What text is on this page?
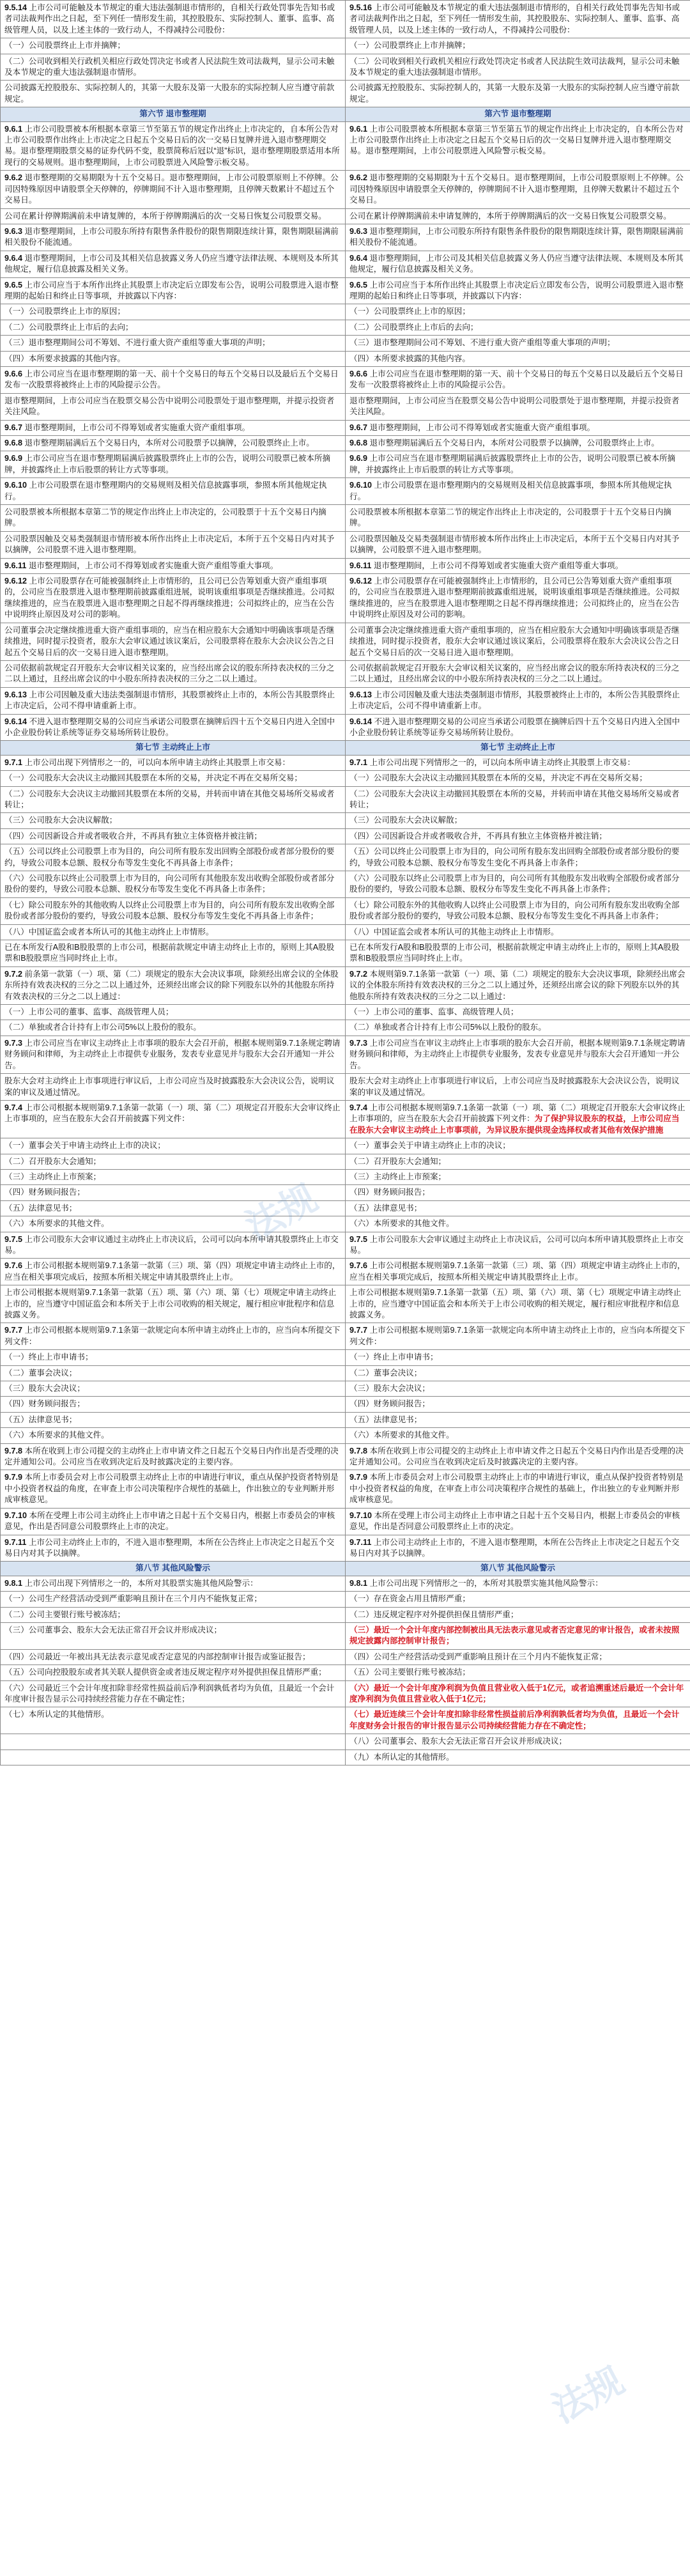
9.5.14 上市公司可能触及本节规定的重大违法强制退市情形的，自相关行政处罚事先告知书或者司法裁判作出之日起，至下列任一情形发生前，其控股股东、实际控制人、董事、监事、高级管理人员，以及上述主体的一致行动人，不得减持公司股份：	9.5.16 上市公司可能触及本节规定的重大违法强制退市情形的，自相关行政处罚事先告知书或者司法裁判作出之日起，至下列任一情形发生前，其控股股东、实际控制人、董事、监事、高级管理人员，以及上述主体的一致行动人，不得减持公司股份：
（一）公司股票终止上市并摘牌；	（一）公司股票终止上市并摘牌；
（二）公司收到相关行政机关相应行政处罚决定书或者人民法院生效司法裁判，显示公司未触及本节规定的重大违法强制退市情形。	（二）公司收到相关行政机关相应行政处罚决定书或者人民法院生效司法裁判，显示公司未触及本节规定的重大违法强制退市情形。
公司披露无控股股东、实际控制人的，其第一大股东及第一大股东的实际控制人应当遵守前款规定。	公司披露无控股股东、实际控制人的，其第一大股东及第一大股东的实际控制人应当遵守前款规定。
第六节 退市整理期	第六节 退市整理期
9.6.1 上市公司股票被本所根据本章第三节至第五节的规定作出终止上市决定的，自本所公告对上市公司股票作出终止上市决定之日起五个交易日后的次一交易日复牌并进入退市整理期交易。退市整理期股票交易的证券代码不变，股票简称后冠以“退”标识，退市整理期股票适用本所现行的交易规则。退市整理期间，上市公司股票进入风险警示板交易。	9.6.1 上市公司股票被本所根据本章第三节至第五节的规定作出终止上市决定的，自本所公告对上市公司股票作出终止上市决定之日起五个交易日后的次一交易日复牌并进入退市整理期交易。退市整理期间，上市公司股票进入风险警示板交易。
9.6.2 退市整理期的交易期限为十五个交易日。退市整理期间，上市公司股票原则上不停牌。公司因特殊原因申请股票全天停牌的，停牌期间不计入退市整理期，且停牌天数累计不超过五个交易日。	9.6.2 退市整理期的交易期限为十五个交易日。退市整理期间，上市公司股票原则上不停牌。公司因特殊原因申请股票全天停牌的，停牌期间不计入退市整理期，且停牌天数累计不超过五个交易日。
公司在累计停牌期满前未申请复牌的，本所于停牌期满后的次一交易日恢复公司股票交易。	公司在累计停牌期满前未申请复牌的，本所于停牌期满后的次一交易日恢复公司股票交易。
9.6.3 退市整理期间，上市公司股东所持有限售条件股份的限售期限连续计算，限售期限届满前相关股份不能流通。	9.6.3 退市整理期间，上市公司股东所持有限售条件股份的限售期限连续计算，限售期限届满前相关股份不能流通。
9.6.4 退市整理期间，上市公司及其相关信息披露义务人仍应当遵守法律法规、本规则及本所其他规定，履行信息披露及相关义务。	9.6.4 退市整理期间，上市公司及其相关信息披露义务人仍应当遵守法律法规、本规则及本所其他规定，履行信息披露及相关义务。
9.6.5 上市公司应当于本所作出终止其股票上市决定后立即发布公告，说明公司股票进入退市整理期的起始日和终止日等事项，并披露以下内容：	9.6.5 上市公司应当于本所作出终止其股票上市决定后立即发布公告，说明公司股票进入退市整理期的起始日和终止日等事项，并披露以下内容：
（一）公司股票终止上市的原因；	（一）公司股票终止上市的原因；
（二）公司股票终止上市后的去向；	（二）公司股票终止上市后的去向；
（三）退市整理期间公司不筹划、不进行重大资产重组等重大事项的声明；	（三）退市整理期间公司不筹划、不进行重大资产重组等重大事项的声明；
（四）本所要求披露的其他内容。	（四）本所要求披露的其他内容。
9.6.6 上市公司应当在退市整理期的第一天、前十个交易日的每五个交易日以及最后五个交易日发布一次股票将被终止上市的风险提示公告。	9.6.6 上市公司应当在退市整理期的第一天、前十个交易日的每五个交易日以及最后五个交易日发布一次股票将被终止上市的风险提示公告。
退市整理期间，上市公司应当在股票交易公告中说明公司股票处于退市整理期，并提示投资者关注风险。	退市整理期间，上市公司应当在股票交易公告中说明公司股票处于退市整理期，并提示投资者关注风险。
9.6.7 退市整理期间，上市公司不得筹划或者实施重大资产重组事项。	9.6.7 退市整理期间，上市公司不得筹划或者实施重大资产重组事项。
9.6.8 退市整理期届满后五个交易日内，本所对公司股票予以摘牌，公司股票终止上市。	9.6.8 退市整理期届满后五个交易日内，本所对公司股票予以摘牌，公司股票终止上市。
9.6.9 上市公司应当在退市整理期届满后披露股票终止上市的公告，说明公司股票已被本所摘牌，并披露终止上市后股票的转让方式等事项。	9.6.9 上市公司应当在退市整理期届满后披露股票终止上市的公告，说明公司股票已被本所摘牌，并披露终止上市后股票的转让方式等事项。
9.6.10 上市公司股票在退市整理期内的交易规则及相关信息披露事项，参照本所其他规定执行。	9.6.10 上市公司股票在退市整理期内的交易规则及相关信息披露事项，参照本所其他规定执行。
公司股票被本所根据本章第二节的规定作出终止上市决定的，公司股票于十五个交易日内摘牌。	公司股票被本所根据本章第二节的规定作出终止上市决定的，公司股票于十五个交易日内摘牌。
公司股票因触及交易类强制退市情形被本所作出终止上市决定后，本所于五个交易日内对其予以摘牌，公司股票不进入退市整理期。	公司股票因触及交易类强制退市情形被本所作出终止上市决定后，本所于五个交易日内对其予以摘牌，公司股票不进入退市整理期。
9.6.11 退市整理期间，上市公司不得筹划或者实施重大资产重组等重大事项。	9.6.11 退市整理期间，上市公司不得筹划或者实施重大资产重组等重大事项。
9.6.12 上市公司股票存在可能被强制终止上市情形的，且公司已公告筹划重大资产重组事项的，公司应当在股票进入退市整理期前披露重组进展，说明该重组事项是否继续推进。公司拟继续推进的，应当在股票进入退市整理期之日起不得再继续推进；公司拟终止的，应当在公告中说明终止原因及对公司的影响。	9.6.12 上市公司股票存在可能被强制终止上市情形的，且公司已公告筹划重大资产重组事项的，公司应当在股票进入退市整理期前披露重组进展，说明该重组事项是否继续推进。公司拟继续推进的，应当在股票进入退市整理期之日起不得再继续推进；公司拟终止的，应当在公告中说明终止原因及对公司的影响。
公司董事会决定继续推进重大资产重组事项的，应当在相应股东大会通知中明确该事项是否继续推进，同时提示投资者，股东大会审议通过该议案后，公司股票将在股东大会决议公告之日起五个交易日后的次一交易日进入退市整理期。	公司董事会决定继续推进重大资产重组事项的，应当在相应股东大会通知中明确该事项是否继续推进，同时提示投资者，股东大会审议通过该议案后，公司股票将在股东大会决议公告之日起五个交易日后的次一交易日进入退市整理期。
公司依据前款规定召开股东大会审议相关议案的，应当经出席会议的股东所持表决权的三分之二以上通过，且经出席会议的中小股东所持表决权的三分之二以上通过。	公司依据前款规定召开股东大会审议相关议案的，应当经出席会议的股东所持表决权的三分之二以上通过，且经出席会议的中小股东所持表决权的三分之二以上通过。
9.6.13 上市公司因触及重大违法类强制退市情形，其股票被终止上市的，本所公告其股票终止上市决定后，公司不得申请重新上市。	9.6.13 上市公司因触及重大违法类强制退市情形，其股票被终止上市的，本所公告其股票终止上市决定后，公司不得申请重新上市。
9.6.14 不进入退市整理期交易的公司应当承诺公司股票在摘牌后四十五个交易日内进入全国中小企业股份转让系统等证券交易场所转让股份。	9.6.14 不进入退市整理期交易的公司应当承诺公司股票在摘牌后四十五个交易日内进入全国中小企业股份转让系统等证券交易场所转让股份。
第七节 主动终止上市	第七节 主动终止上市
9.7.1 上市公司出现下列情形之一的，可以向本所申请主动终止其股票上市交易：	9.7.1 上市公司出现下列情形之一的，可以向本所申请主动终止其股票上市交易：
（一）公司股东大会决议主动撤回其股票在本所的交易，并决定不再在交易所交易；	（一）公司股东大会决议主动撤回其股票在本所的交易，并决定不再在交易所交易；
（二）公司股东大会决议主动撤回其股票在本所的交易，并转而申请在其他交易场所交易或者转让；	（二）公司股东大会决议主动撤回其股票在本所的交易，并转而申请在其他交易场所交易或者转让；
（三）公司股东大会决议解散；	（三）公司股东大会决议解散；
（四）公司因新设合并或者吸收合并，不再具有独立主体资格并被注销；	（四）公司因新设合并或者吸收合并，不再具有独立主体资格并被注销；
（五）公司以终止公司股票上市为目的，向公司所有股东发出回购全部股份或者部分股份的要约，导致公司股本总额、股权分布等发生变化不再具备上市条件；	（五）公司以终止公司股票上市为目的，向公司所有股东发出回购全部股份或者部分股份的要约，导致公司股本总额、股权分布等发生变化不再具备上市条件；
（六）公司股东以终止公司股票上市为目的，向公司所有其他股东发出收购全部股份或者部分股份的要约，导致公司股本总额、股权分布等发生变化不再具备上市条件；	（六）公司股东以终止公司股票上市为目的，向公司所有其他股东发出收购全部股份或者部分股份的要约，导致公司股本总额、股权分布等发生变化不再具备上市条件；
（七）除公司股东外的其他收购人以终止公司股票上市为目的，向公司所有股东发出收购全部股份或者部分股份的要约，导致公司股本总额、股权分布等发生变化不再具备上市条件；	（七）除公司股东外的其他收购人以终止公司股票上市为目的，向公司所有股东发出收购全部股份或者部分股份的要约，导致公司股本总额、股权分布等发生变化不再具备上市条件；
（八）中国证监会或者本所认可的其他主动终止上市情形。	（八）中国证监会或者本所认可的其他主动终止上市情形。
已在本所发行A股和B股股票的上市公司，根据前款规定申请主动终止上市的，原则上其A股股票和B股股票应当同时终止上市。	已在本所发行A股和B股股票的上市公司，根据前款规定申请主动终止上市的，原则上其A股股票和B股股票应当同时终止上市。
9.7.2 前条第一款第（一）项、第（二）项规定的股东大会决议事项，除须经出席会议的全体股东所持有效表决权的三分之二以上通过外，还须经出席会议的除下列股东以外的其他股东所持有效表决权的三分之二以上通过：	9.7.2 本规则第9.7.1条第一款第（一）项、第（二）项规定的股东大会决议事项，除须经出席会议的全体股东所持有效表决权的三分之二以上通过外，还须经出席会议的除下列股东以外的其他股东所持有效表决权的三分之二以上通过：
（一）上市公司的董事、监事、高级管理人员；	（一）上市公司的董事、监事、高级管理人员；
（二）单独或者合计持有上市公司5%以上股份的股东。	（二）单独或者合计持有上市公司5%以上股份的股东。
9.7.3 上市公司应当在审议主动终止上市事项的股东大会召开前，根据本规则第9.7.1条规定聘请财务顾问和律师，为主动终止上市提供专业服务，发表专业意见并与股东大会召开通知一并公告。	9.7.3 上市公司应当在审议主动终止上市事项的股东大会召开前，根据本规则第9.7.1条规定聘请财务顾问和律师，为主动终止上市提供专业服务，发表专业意见并与股东大会召开通知一并公告。
股东大会对主动终止上市事项进行审议后，上市公司应当及时披露股东大会决议公告，说明议案的审议及通过情况。	股东大会对主动终止上市事项进行审议后，上市公司应当及时披露股东大会决议公告，说明议案的审议及通过情况。
9.7.4 上市公司根据本规则第9.7.1条第一款第（一）项、第（二）项规定召开股东大会审议终止上市事项的，应当在股东大会召开前披露下列文件：	9.7.4 上市公司根据本规则第9.7.1条第一款第（一）项、第（二）项规定召开股东大会审议终止上市事项的，应当在股东大会召开前披露下列文件：为了保护异议股东的权益，上市公司应当在股东大会审议主动终止上市事项前，为异议股东提供现金选择权或者其他有效保护措施
（一）董事会关于申请主动终止上市的决议；	（一）董事会关于申请主动终止上市的决议；
（二）召开股东大会通知；	（二）召开股东大会通知；
（三）主动终止上市预案；	（三）主动终止上市预案；
（四）财务顾问报告；	（四）财务顾问报告；
（五）法律意见书；	（五）法律意见书；
（六）本所要求的其他文件。	（六）本所要求的其他文件。
9.7.5 上市公司股东大会审议通过主动终止上市决议后，公司可以向本所申请其股票终止上市交易。	9.7.5 上市公司股东大会审议通过主动终止上市决议后，公司可以向本所申请其股票终止上市交易。
9.7.6 上市公司根据本规则第9.7.1条第一款第（三）项、第（四）项规定申请主动终止上市的，应当在相关事项完成后，按照本所相关规定申请其股票终止上市。	9.7.6 上市公司根据本规则第9.7.1条第一款第（三）项、第（四）项规定申请主动终止上市的，应当在相关事项完成后，按照本所相关规定申请其股票终止上市。
上市公司根据本规则第9.7.1条第一款第（五）项、第（六）项、第（七）项规定申请主动终止上市的，应当遵守中国证监会和本所关于上市公司收购的相关规定，履行相应审批程序和信息披露义务。	上市公司根据本规则第9.7.1条第一款第（五）项、第（六）项、第（七）项规定申请主动终止上市的，应当遵守中国证监会和本所关于上市公司收购的相关规定，履行相应审批程序和信息披露义务。
9.7.7 上市公司根据本规则第9.7.1条第一款规定向本所申请主动终止上市的，应当向本所提交下列文件：	9.7.7 上市公司根据本规则第9.7.1条第一款规定向本所申请主动终止上市的，应当向本所提交下列文件：
（一）终止上市申请书；	（一）终止上市申请书；
（二）董事会决议；	（二）董事会决议；
（三）股东大会决议；	（三）股东大会决议；
（四）财务顾问报告；	（四）财务顾问报告；
（五）法律意见书；	（五）法律意见书；
（六）本所要求的其他文件。	（六）本所要求的其他文件。
9.7.8 本所在收到上市公司提交的主动终止上市申请文件之日起五个交易日内作出是否受理的决定并通知公司。公司应当在收到决定后及时披露决定的主要内容。	9.7.8 本所在收到上市公司提交的主动终止上市申请文件之日起五个交易日内作出是否受理的决定并通知公司。公司应当在收到决定后及时披露决定的主要内容。
9.7.9 本所上市委员会对上市公司股票主动终止上市的申请进行审议，重点从保护投资者特别是中小投资者权益的角度，在审查上市公司决策程序合规性的基础上，作出独立的专业判断并形成审核意见。	9.7.9 本所上市委员会对上市公司股票主动终止上市的申请进行审议，重点从保护投资者特别是中小投资者权益的角度，在审查上市公司决策程序合规性的基础上，作出独立的专业判断并形成审核意见。
9.7.10 本所在受理上市公司主动终止上市申请之日起十五个交易日内，根据上市委员会的审核意见，作出是否同意公司股票终止上市的决定。	9.7.10 本所在受理上市公司主动终止上市申请之日起十五个交易日内，根据上市委员会的审核意见，作出是否同意公司股票终止上市的决定。
9.7.11 上市公司主动终止上市的，不进入退市整理期，本所在公告终止上市决定之日起五个交易日内对其予以摘牌。	9.7.11 上市公司主动终止上市的，不进入退市整理期，本所在公告终止上市决定之日起五个交易日内对其予以摘牌。
第八节 其他风险警示	第八节 其他风险警示
9.8.1 上市公司出现下列情形之一的，本所对其股票实施其他风险警示：	9.8.1 上市公司出现下列情形之一的，本所对其股票实施其他风险警示：
（一）公司生产经营活动受到严重影响且预计在三个月内不能恢复正常；	（一）存在资金占用且情形严重；
（二）公司主要银行账号被冻结；	（二）违反规定程序对外提供担保且情形严重；
（三）公司董事会、股东大会无法正常召开会议并形成决议；	（三）最近一个会计年度内部控制被出具无法表示意见或者否定意见的审计报告，或者未按照规定披露内部控制审计报告；
（四）公司最近一年被出具无法表示意见或否定意见的内部控制审计报告或鉴证报告；	（四）公司生产经营活动受到严重影响且预计在三个月内不能恢复正常；
（五）公司向控股股东或者其关联人提供资金或者违反规定程序对外提供担保且情形严重；	（五）公司主要银行账号被冻结；
（六）公司最近三个会计年度扣除非经常性损益前后净利润孰低者均为负值，且最近一个会计年度审计报告显示公司持续经营能力存在不确定性；	（六）最近一个会计年度净利润为负值且营业收入低于1亿元，或者追溯重述后最近一个会计年度净利润为负值且营业收入低于1亿元；
（七）本所认定的其他情形。	（七）最近连续三个会计年度扣除非经常性损益前后净利润孰低者均为负值，且最近一个会计年度财务会计报告的审计报告显示公司持续经营能力存在不确定性；
	（八）公司董事会、股东大会无法正常召开会议并形成决议；
	（九）本所认定的其他情形。
法规
法规
